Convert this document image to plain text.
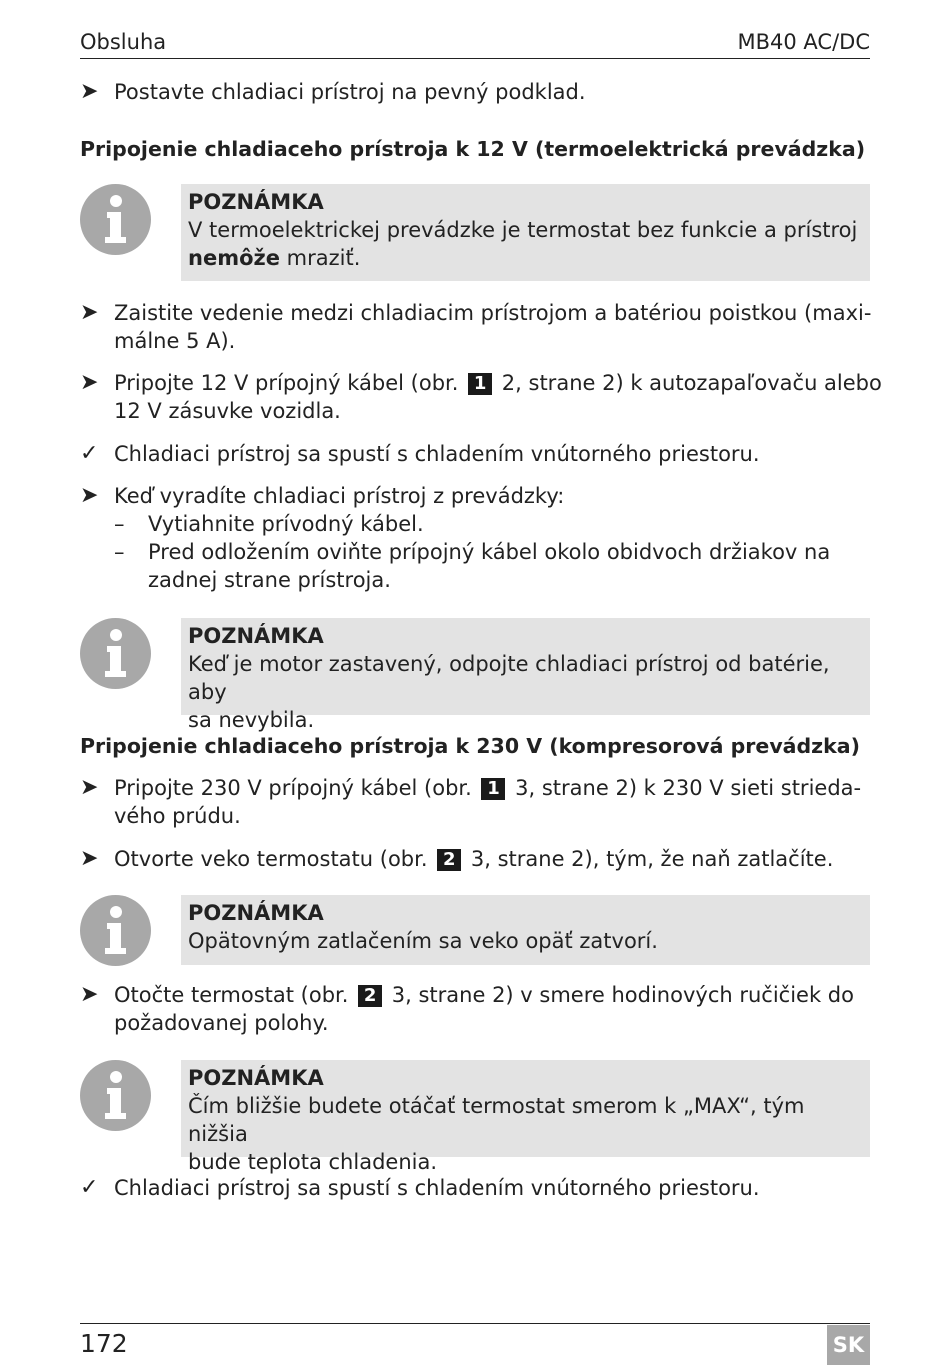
Obsluha	MB40 AC/DC
➤ Postavte chladiaci prístroj na pevný podklad.
Pripojenie chladiaceho prístroja k 12 V (termoelektrická prevádzka)
POZNÁMKA
V termoelektrickej prevádzke je termostat bez funkcie a prístroj nemôže mraziť.
➤ Zaistite vedenie medzi chladiacim prístrojom a batériou poistkou (maxi-
málne 5 A).
➤ Pripojte 12 V prípojný kábel (obr. 1 2, strane 2) k autozapaľovaču alebo
12 V zásuvke vozidla.
✓ Chladiaci prístroj sa spustí s chladením vnútorného priestoru.
➤ Keď vyradíte chladiaci prístroj z prevádzky:
– Vytiahnite prívodný kábel.
– Pred odložením oviňte prípojný kábel okolo obidvoch držiakov na
zadnej strane prístroja.
POZNÁMKA
Keď je motor zastavený, odpojte chladiaci prístroj od batérie, aby
sa nevybila.
Pripojenie chladiaceho prístroja k 230 V (kompresorová prevádzka)
➤ Pripojte 230 V prípojný kábel (obr. 1 3, strane 2) k 230 V sieti strieda-
vého prúdu.
➤ Otvorte veko termostatu (obr. 2 3, strane 2), tým, že naň zatlačíte.
POZNÁMKA
Opätovným zatlačením sa veko opäť zatvorí.
➤ Otočte termostat (obr. 2 3, strane 2) v smere hodinových ručičiek do
požadovanej polohy.
POZNÁMKA
Čím bližšie budete otáčať termostat smerom k „MAX“, tým nižšia
bude teplota chladenia.
✓ Chladiaci prístroj sa spustí s chladením vnútorného priestoru.
172	SK
